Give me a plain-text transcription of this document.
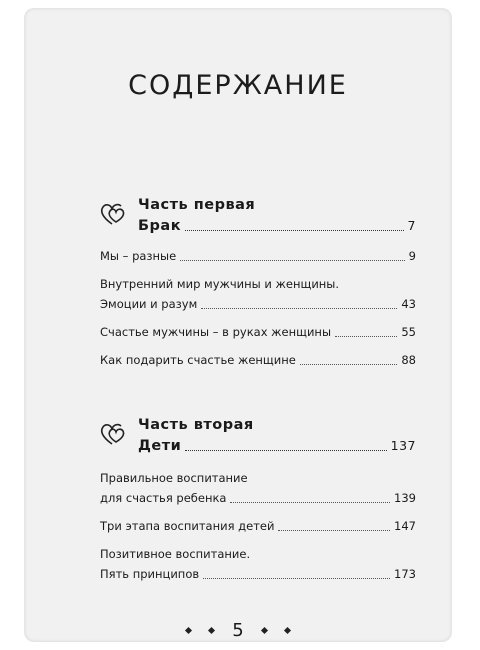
СОДЕРЖАНИЕ
Часть первая
Брак	7
Мы – разные	9
Внутренний мир мужчины и женщины.
Эмоции и разум	43
Счастье мужчины – в руках женщины	55
Как подарить счастье женщине	88
Часть вторая
Дети	137
Правильное воспитание
для счастья ребенка	139
Три этапа воспитания детей	147
Позитивное воспитание.
Пять принципов	173
5
